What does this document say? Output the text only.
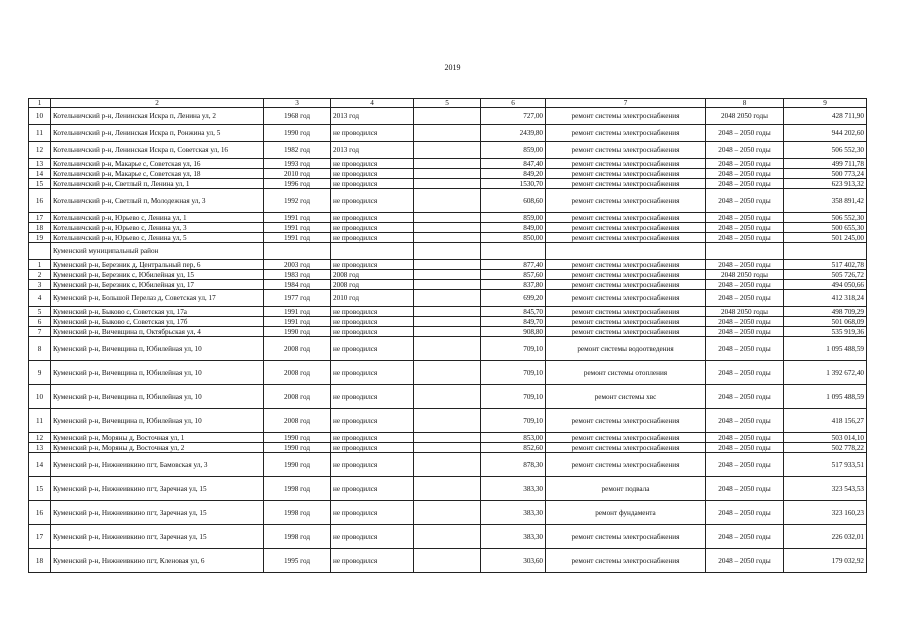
2019
1	2	3	4	5	6	7	8	9
10	Котельничский р-н, Ленинская Искра п, Ленина ул, 2	1968 год	2013 год		727,00	ремонт системы электроснабжения	2048 2050 годы	428 711,90
11	Котельничский р-н, Ленинская Искра п, Ронжина ул, 5	1990 год	не проводился		2439,80	ремонт системы электроснабжения	2048 – 2050 годы	944 202,60
12	Котельничский р-н, Ленинская Искра п, Советская ул, 16	1982 год	2013 год		859,00	ремонт системы электроснабжения	2048 – 2050 годы	506 552,30
13	Котельничский р-н, Макарье с, Советская ул, 16	1993 год	не проводился		847,40	ремонт системы электроснабжения	2048 – 2050 годы	499 711,78
14	Котельничский р-н, Макарье с, Советская ул, 18	2010 год	не проводился		849,20	ремонт системы электроснабжения	2048 – 2050 годы	500 773,24
15	Котельничский р-н, Светлый п, Ленина ул, 1	1996 год	не проводился		1530,70	ремонт системы электроснабжения	2048 – 2050 годы	623 913,32
16	Котельничский р-н, Светлый п, Молодежная ул, 3	1992 год	не проводился		608,60	ремонт системы электроснабжения	2048 – 2050 годы	358 891,42
17	Котельничский р-н, Юрьево с, Ленина ул, 1	1991 год	не проводился		859,00	ремонт системы электроснабжения	2048 – 2050 годы	506 552,30
18	Котельничский р-н, Юрьево с, Ленина ул, 3	1991 год	не проводился		849,00	ремонт системы электроснабжения	2048 – 2050 годы	500 655,30
19	Котельничский р-н, Юрьево с, Ленина ул, 5	1991 год	не проводился		850,00	ремонт системы электроснабжения	2048 – 2050 годы	501 245,00
	Куменский муниципальный район							
1	Куменский р-н, Березник д, Центральный пер, 6	2003 год	не проводился		877,40	ремонт системы электроснабжения	2048 – 2050 годы	517 402,78
2	Куменский р-н, Березник с, Юбилейная ул, 15	1983 год	2008 год		857,60	ремонт системы электроснабжения	2048 2050 годы	505 726,72
3	Куменский р-н, Березник с, Юбилейная ул, 17	1984 год	2008 год		837,80	ремонт системы электроснабжения	2048 – 2050 годы	494 050,66
4	Куменский р-н, Большой Перелаз д, Советская ул, 17	1977 год	2010 год		699,20	ремонт системы электроснабжения	2048 – 2050 годы	412 318,24
5	Куменский р-н, Быково с, Советская ул, 17а	1991 год	не проводился		845,70	ремонт системы электроснабжения	2048 2050 годы	498 709,29
6	Куменский р-н, Быково с, Советская ул, 17б	1991 год	не проводился		849,70	ремонт системы электроснабжения	2048 – 2050 годы	501 068,09
7	Куменский р-н, Вичевщина п, Октябрьская ул, 4	1990 год	не проводился		908,80	ремонт системы электроснабжения	2048 – 2050 годы	535 919,36
8	Куменский р-н, Вичевщина п, Юбилейная ул, 10	2008 год	не проводился		709,10	ремонт системы водоотведения	2048 – 2050 годы	1 095 488,59
9	Куменский р-н, Вичевщина п, Юбилейная ул, 10	2008 год	не проводился		709,10	ремонт системы отопления	2048 – 2050 годы	1 392 672,40
10	Куменский р-н, Вичевщина п, Юбилейная ул, 10	2008 год	не проводился		709,10	ремонт системы хвс	2048 – 2050 годы	1 095 488,59
11	Куменский р-н, Вичевщина п, Юбилейная ул, 10	2008 год	не проводился		709,10	ремонт системы электроснабжения	2048 – 2050 годы	418 156,27
12	Куменский р-н, Моряны д, Восточная ул, 1	1990 год	не проводился		853,00	ремонт системы электроснабжения	2048 – 2050 годы	503 014,10
13	Куменский р-н, Моряны д, Восточная ул, 2	1990 год	не проводился		852,60	ремонт системы электроснабжения	2048 – 2050 годы	502 778,22
14	Куменский р-н, Нижнеивкино пгт, Бамовская ул, 3	1990 год	не проводился		878,30	ремонт системы электроснабжения	2048 – 2050 годы	517 933,51
15	Куменский р-н, Нижнеивкино пгт, Заречная ул, 15	1998 год	не проводился		383,30	ремонт подвала	2048 – 2050 годы	323 543,53
16	Куменский р-н, Нижнеивкино пгт, Заречная ул, 15	1998 год	не проводился		383,30	ремонт фундамента	2048 – 2050 годы	323 160,23
17	Куменский р-н, Нижнеивкино пгт, Заречная ул, 15	1998 год	не проводился		383,30	ремонт системы электроснабжения	2048 – 2050 годы	226 032,01
18	Куменский р-н, Нижнеивкино пгт, Кленовая ул, 6	1995 год	не проводился		303,60	ремонт системы электроснабжения	2048 – 2050 годы	179 032,92
